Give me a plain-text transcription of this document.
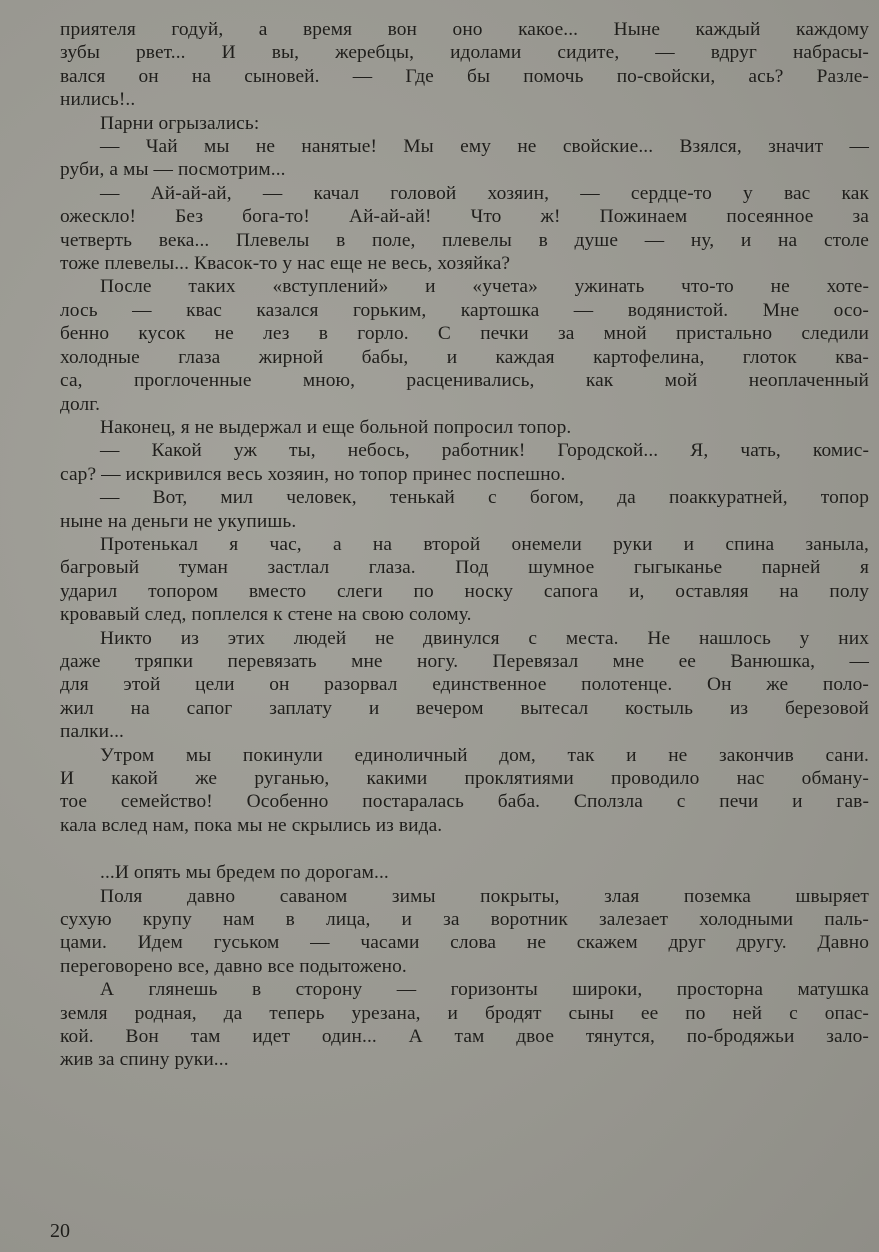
приятеля годуй, а время вон оно какое... Ныне каждый каждому
зубы рвет... И вы, жеребцы, идолами сидите, — вдруг набрасы-
вался он на сыновей. — Где бы помочь по-свойски, ась? Разле-
нились!..
Парни огрызались:
— Чай мы не нанятые! Мы ему не свойские... Взялся, значит —
руби, а мы — посмотрим...
— Ай-ай-ай, — качал головой хозяин, — сердце-то у вас как
ожескло! Без бога-то! Ай-ай-ай! Что ж! Пожинаем посеянное за
четверть века... Плевелы в поле, плевелы в душе — ну, и на столе
тоже плевелы... Квасок-то у нас еще не весь, хозяйка?
После таких «вступлений» и «учета» ужинать что-то не хоте-
лось — квас казался горьким, картошка — водянистой. Мне осо-
бенно кусок не лез в горло. С печки за мной пристально следили
холодные глаза жирной бабы, и каждая картофелина, глоток ква-
са, проглоченные мною, расценивались, как мой неоплаченный
долг.
Наконец, я не выдержал и еще больной попросил топор.
— Какой уж ты, небось, работник! Городской... Я, чать, комис-
сар? — искривился весь хозяин, но топор принес поспешно.
— Вот, мил человек, тенькай с богом, да поаккуратней, топор
ныне на деньги не укупишь.
Протенькал я час, а на второй онемели руки и спина заныла,
багровый туман застлал глаза. Под шумное гыгыканье парней я
ударил топором вместо слеги по носку сапога и, оставляя на полу
кровавый след, поплелся к стене на свою солому.
Никто из этих людей не двинулся с места. Не нашлось у них
даже тряпки перевязать мне ногу. Перевязал мне ее Ванюшка, —
для этой цели он разорвал единственное полотенце. Он же поло-
жил на сапог заплату и вечером вытесал костыль из березовой
палки...
Утром мы покинули единоличный дом, так и не закончив сани.
И какой же руганью, какими проклятиями проводило нас обману-
тое семейство! Особенно постаралась баба. Сползла с печи и гав-
кала вслед нам, пока мы не скрылись из вида.
...И опять мы бредем по дорогам...
Поля давно саваном зимы покрыты, злая поземка швыряет
сухую крупу нам в лица, и за воротник залезает холодными паль-
цами. Идем гуськом — часами слова не скажем друг другу. Давно
переговорено все, давно все подытожено.
А глянешь в сторону — горизонты широки, просторна матушка
земля родная, да теперь урезана, и бродят сыны ее по ней с опас-
кой. Вон там идет один... А там двое тянутся, по-бродяжьи зало-
жив за спину руки...
20
